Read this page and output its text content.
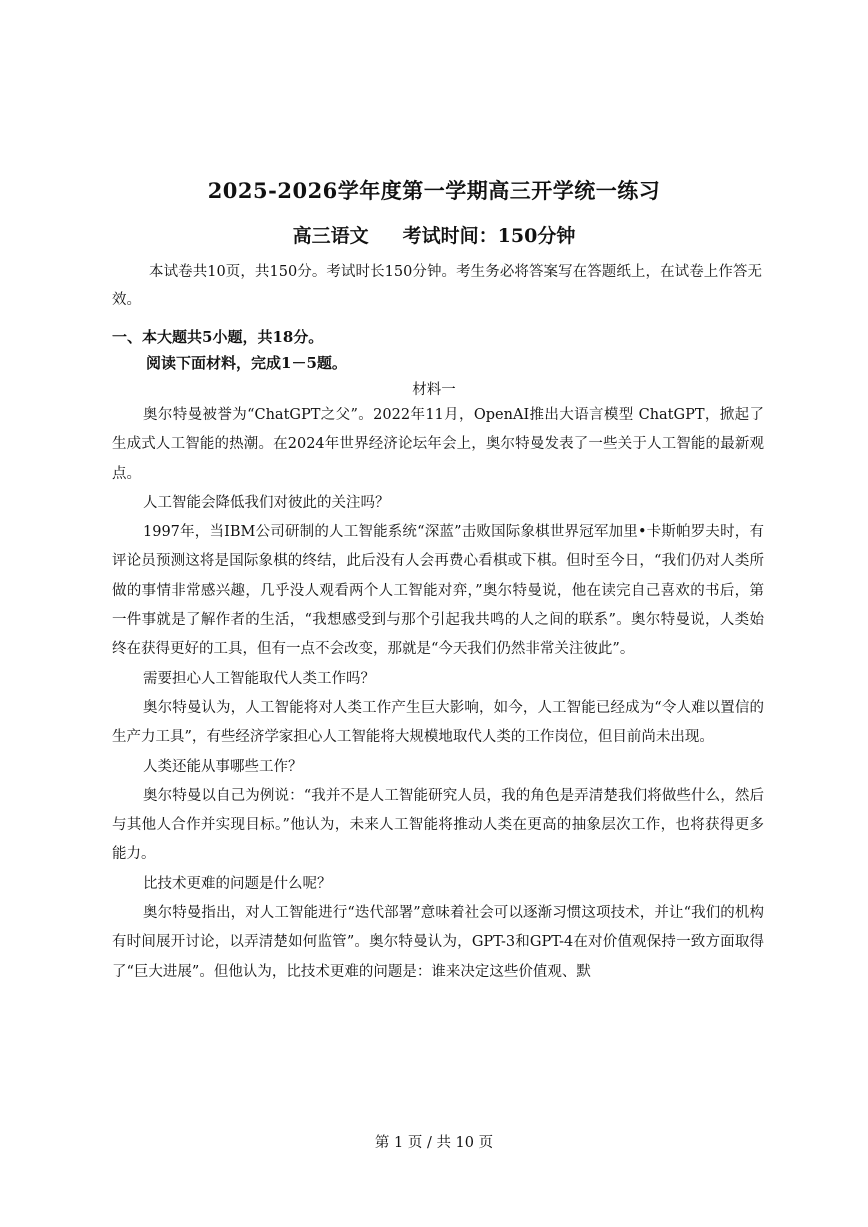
2025-2026学年度第一学期高三开学统一练习
高三语文 考试时间：150分钟
本试卷共10页，共150分。考试时长150分钟。考生务必将答案写在答题纸上，在试卷上作答无效。
一、本大题共5小题，共18分。
阅读下面材料，完成1－5题。
材料一

奥尔特曼被誉为“ChatGPT之父”。2022年11月，OpenAI推出大语言模型 ChatGPT，掀起了生成式人工智能的热潮。在2024年世界经济论坛年会上，奥尔特曼发表了一些关于人工智能的最新观点。

人工智能会降低我们对彼此的关注吗？

1997年，当IBM公司研制的人工智能系统“深蓝”击败国际象棋世界冠军加里•卡斯帕罗夫时，有评论员预测这将是国际象棋的终结，此后没有人会再费心看棋或下棋。但时至今日，“我们仍对人类所做的事情非常感兴趣，几乎没人观看两个人工智能对弈，”奥尔特曼说，他在读完自己喜欢的书后，第一件事就是了解作者的生活，“我想感受到与那个引起我共鸣的人之间的联系”。奥尔特曼说，人类始终在获得更好的工具，但有一点不会改变，那就是“今天我们仍然非常关注彼此”。

需要担心人工智能取代人类工作吗？

奥尔特曼认为，人工智能将对人类工作产生巨大影响，如今，人工智能已经成为“令人难以置信的生产力工具”，有些经济学家担心人工智能将大规模地取代人类的工作岗位，但目前尚未出现。

人类还能从事哪些工作？

奥尔特曼以自己为例说：“我并不是人工智能研究人员，我的角色是弄清楚我们将做些什么，然后与其他人合作并实现目标。”他认为，未来人工智能将推动人类在更高的抽象层次工作，也将获得更多能力。

比技术更难的问题是什么呢？

奥尔特曼指出，对人工智能进行“迭代部署”意味着社会可以逐渐习惯这项技术，并让“我们的机构有时间展开讨论，以弄清楚如何监管”。奥尔特曼认为，GPT-3和GPT-4在对价值观保持一致方面取得了“巨大进展”。但他认为，比技术更难的问题是：谁来决定这些价值观、默

第 1 页 / 共 10 页
